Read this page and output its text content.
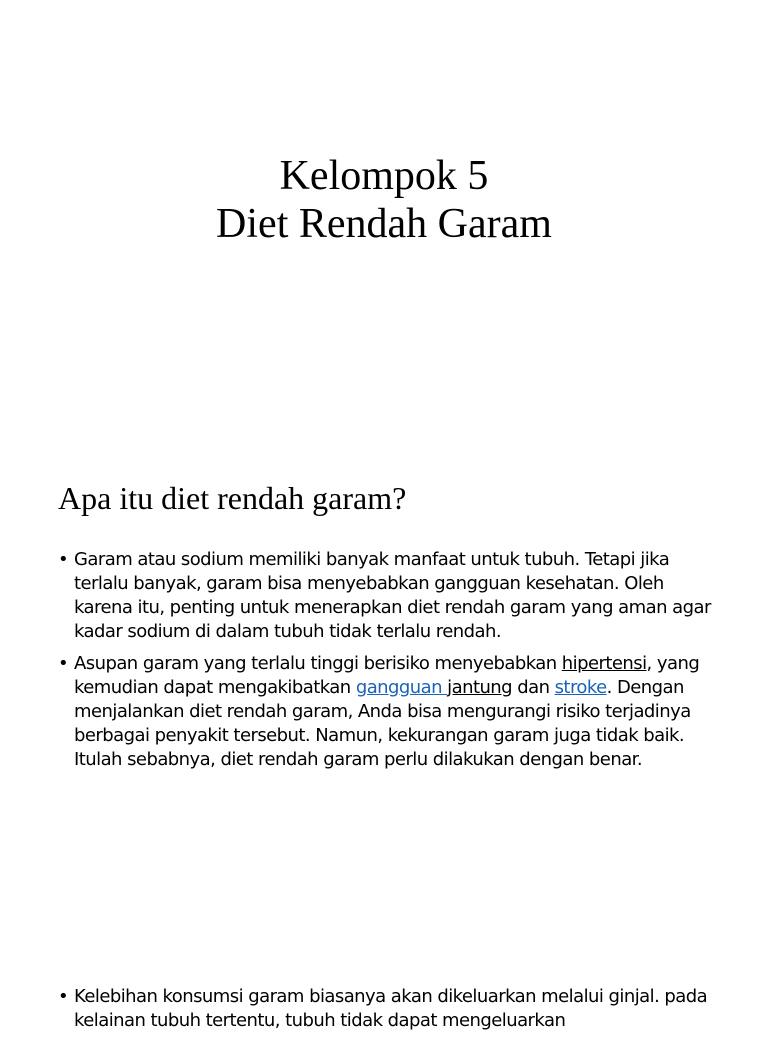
Kelompok 5
Diet Rendah Garam
Apa itu diet rendah garam?
• Garam atau sodium memiliki banyak manfaat untuk tubuh. Tetapi jika terlalu banyak, garam bisa menyebabkan gangguan kesehatan. Oleh karena itu, penting untuk menerapkan diet rendah garam yang aman agar kadar sodium di dalam tubuh tidak terlalu rendah.
• Asupan garam yang terlalu tinggi berisiko menyebabkan hipertensi, yang kemudian dapat mengakibatkan gangguan jantung dan stroke. Dengan menjalankan diet rendah garam, Anda bisa mengurangi risiko terjadinya berbagai penyakit tersebut. Namun, kekurangan garam juga tidak baik. Itulah sebabnya, diet rendah garam perlu dilakukan dengan benar.
• Kelebihan konsumsi garam biasanya akan dikeluarkan melalui ginjal. pada kelainan tubuh tertentu, tubuh tidak dapat mengeluarkan
